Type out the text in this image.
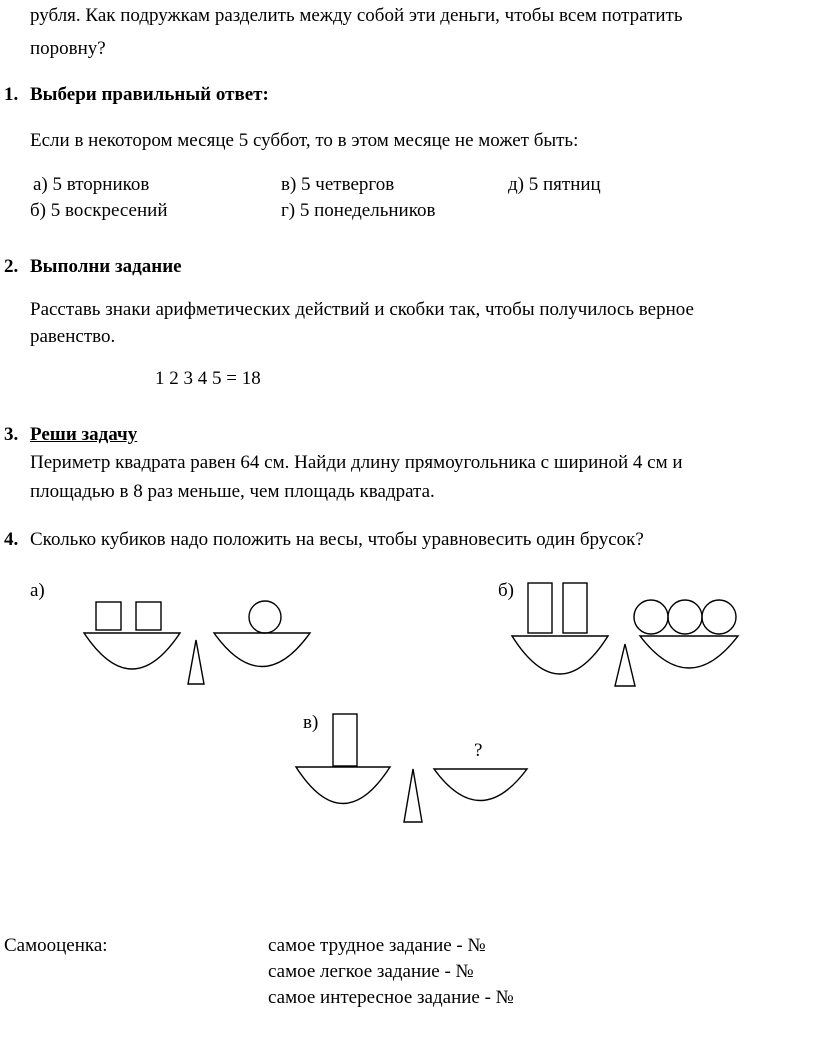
рубля. Как подружкам разделить между собой эти деньги, чтобы всем потратить
поровну?
1. Выбери правильный ответ:
Если в некотором месяце 5 суббот, то в этом месяце не может быть:
а) 5 вторников	в) 5 четвергов	д) 5 пятниц
б) 5 воскресений	г) 5 понедельников
2. Выполни задание
Расставь знаки арифметических действий и скобки так, чтобы получилось верное
равенство.
1 2 3 4 5 = 18
3. Реши задачу
Периметр квадрата равен 64 см. Найди длину прямоугольника с шириной 4 см и
площадью в 8 раз меньше, чем площадь квадрата.
4. Сколько кубиков надо положить на весы, чтобы уравновесить один брусок?
а)	б)
в)
?
Самооценка:	самое трудное задание - №
самое легкое задание - №
самое интересное задание - №
